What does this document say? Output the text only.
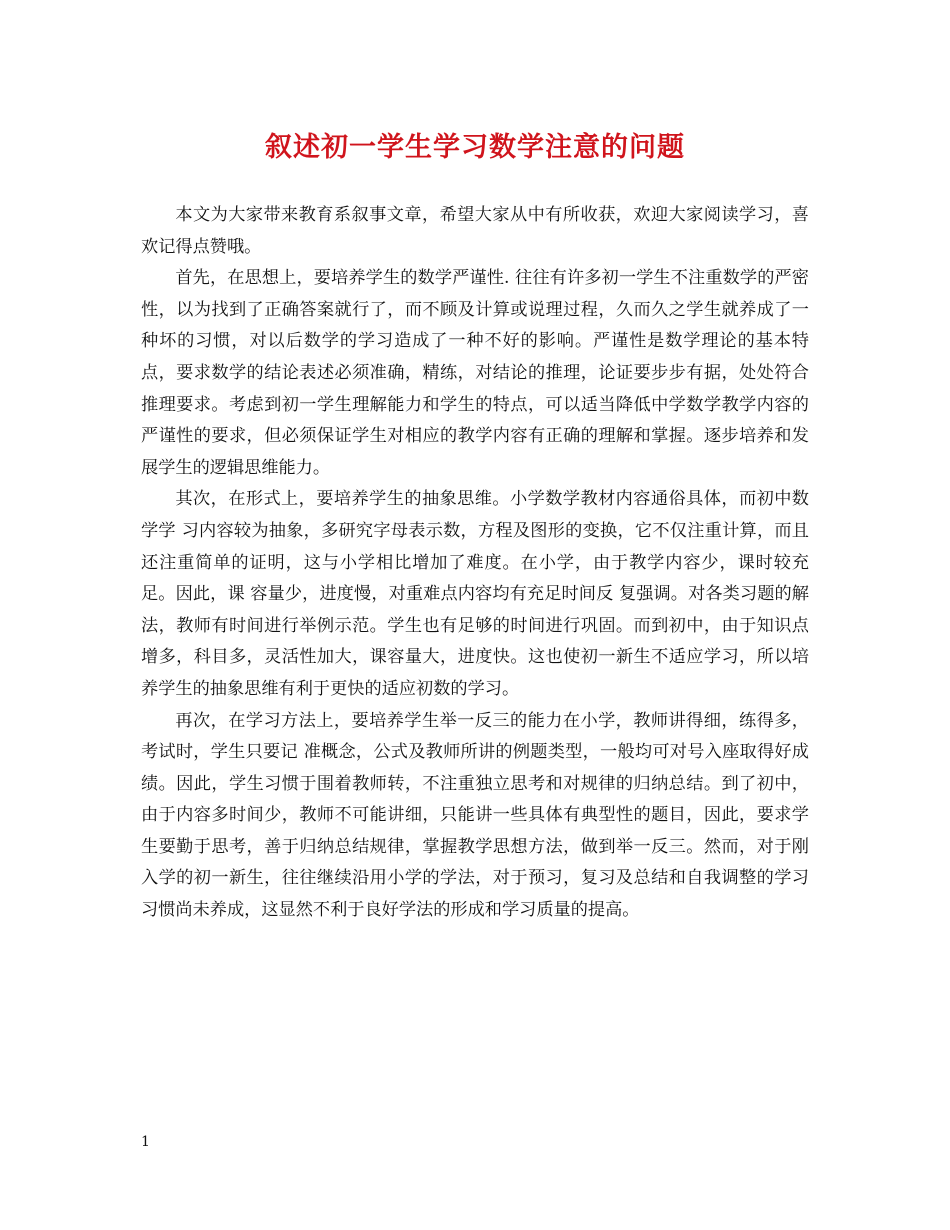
叙述初一学生学习数学注意的问题

本文为大家带来教育系叙事文章，希望大家从中有所收获，欢迎大家阅读学习，喜欢记得点赞哦。

首先，在思想上，要培养学生的数学严谨性. 往往有许多初一学生不注重数学的严密性，以为找到了正确答案就行了，而不顾及计算或说理过程，久而久之学生就养成了一种坏的习惯，对以后数学的学习造成了一种不好的影响。严谨性是数学理论的基本特点，要求数学的结论表述必须准确，精练，对结论的推理，论证要步步有据，处处符合推理要求。考虑到初一学生理解能力和学生的特点，可以适当降低中学数学教学内容的严谨性的要求，但必须保证学生对相应的教学内容有正确的理解和掌握。逐步培养和发展学生的逻辑思维能力。

其次，在形式上，要培养学生的抽象思维。小学数学教材内容通俗具体，而初中数学学 习内容较为抽象，多研究字母表示数，方程及图形的变换，它不仅注重计算，而且还注重简单的证明，这与小学相比增加了难度。在小学，由于教学内容少，课时较充足。因此，课 容量少，进度慢，对重难点内容均有充足时间反 复强调。对各类习题的解法，教师有时间进行举例示范。学生也有足够的时间进行巩固。而到初中，由于知识点增多，科目多，灵活性加大，课容量大，进度快。这也使初一新生不适应学习，所以培养学生的抽象思维有利于更快的适应初数的学习。

再次，在学习方法上，要培养学生举一反三的能力在小学，教师讲得细，练得多，考试时，学生只要记 准概念，公式及教师所讲的例题类型，一般均可对号入座取得好成绩。因此，学生习惯于围着教师转，不注重独立思考和对规律的归纳总结。到了初中，由于内容多时间少，教师不可能讲细，只能讲一些具体有典型性的题目，因此，要求学生要勤于思考，善于归纳总结规律，掌握教学思想方法，做到举一反三。然而，对于刚入学的初一新生，往往继续沿用小学的学法，对于预习，复习及总结和自我调整的学习习惯尚未养成，这显然不利于良好学法的形成和学习质量的提高。

1
